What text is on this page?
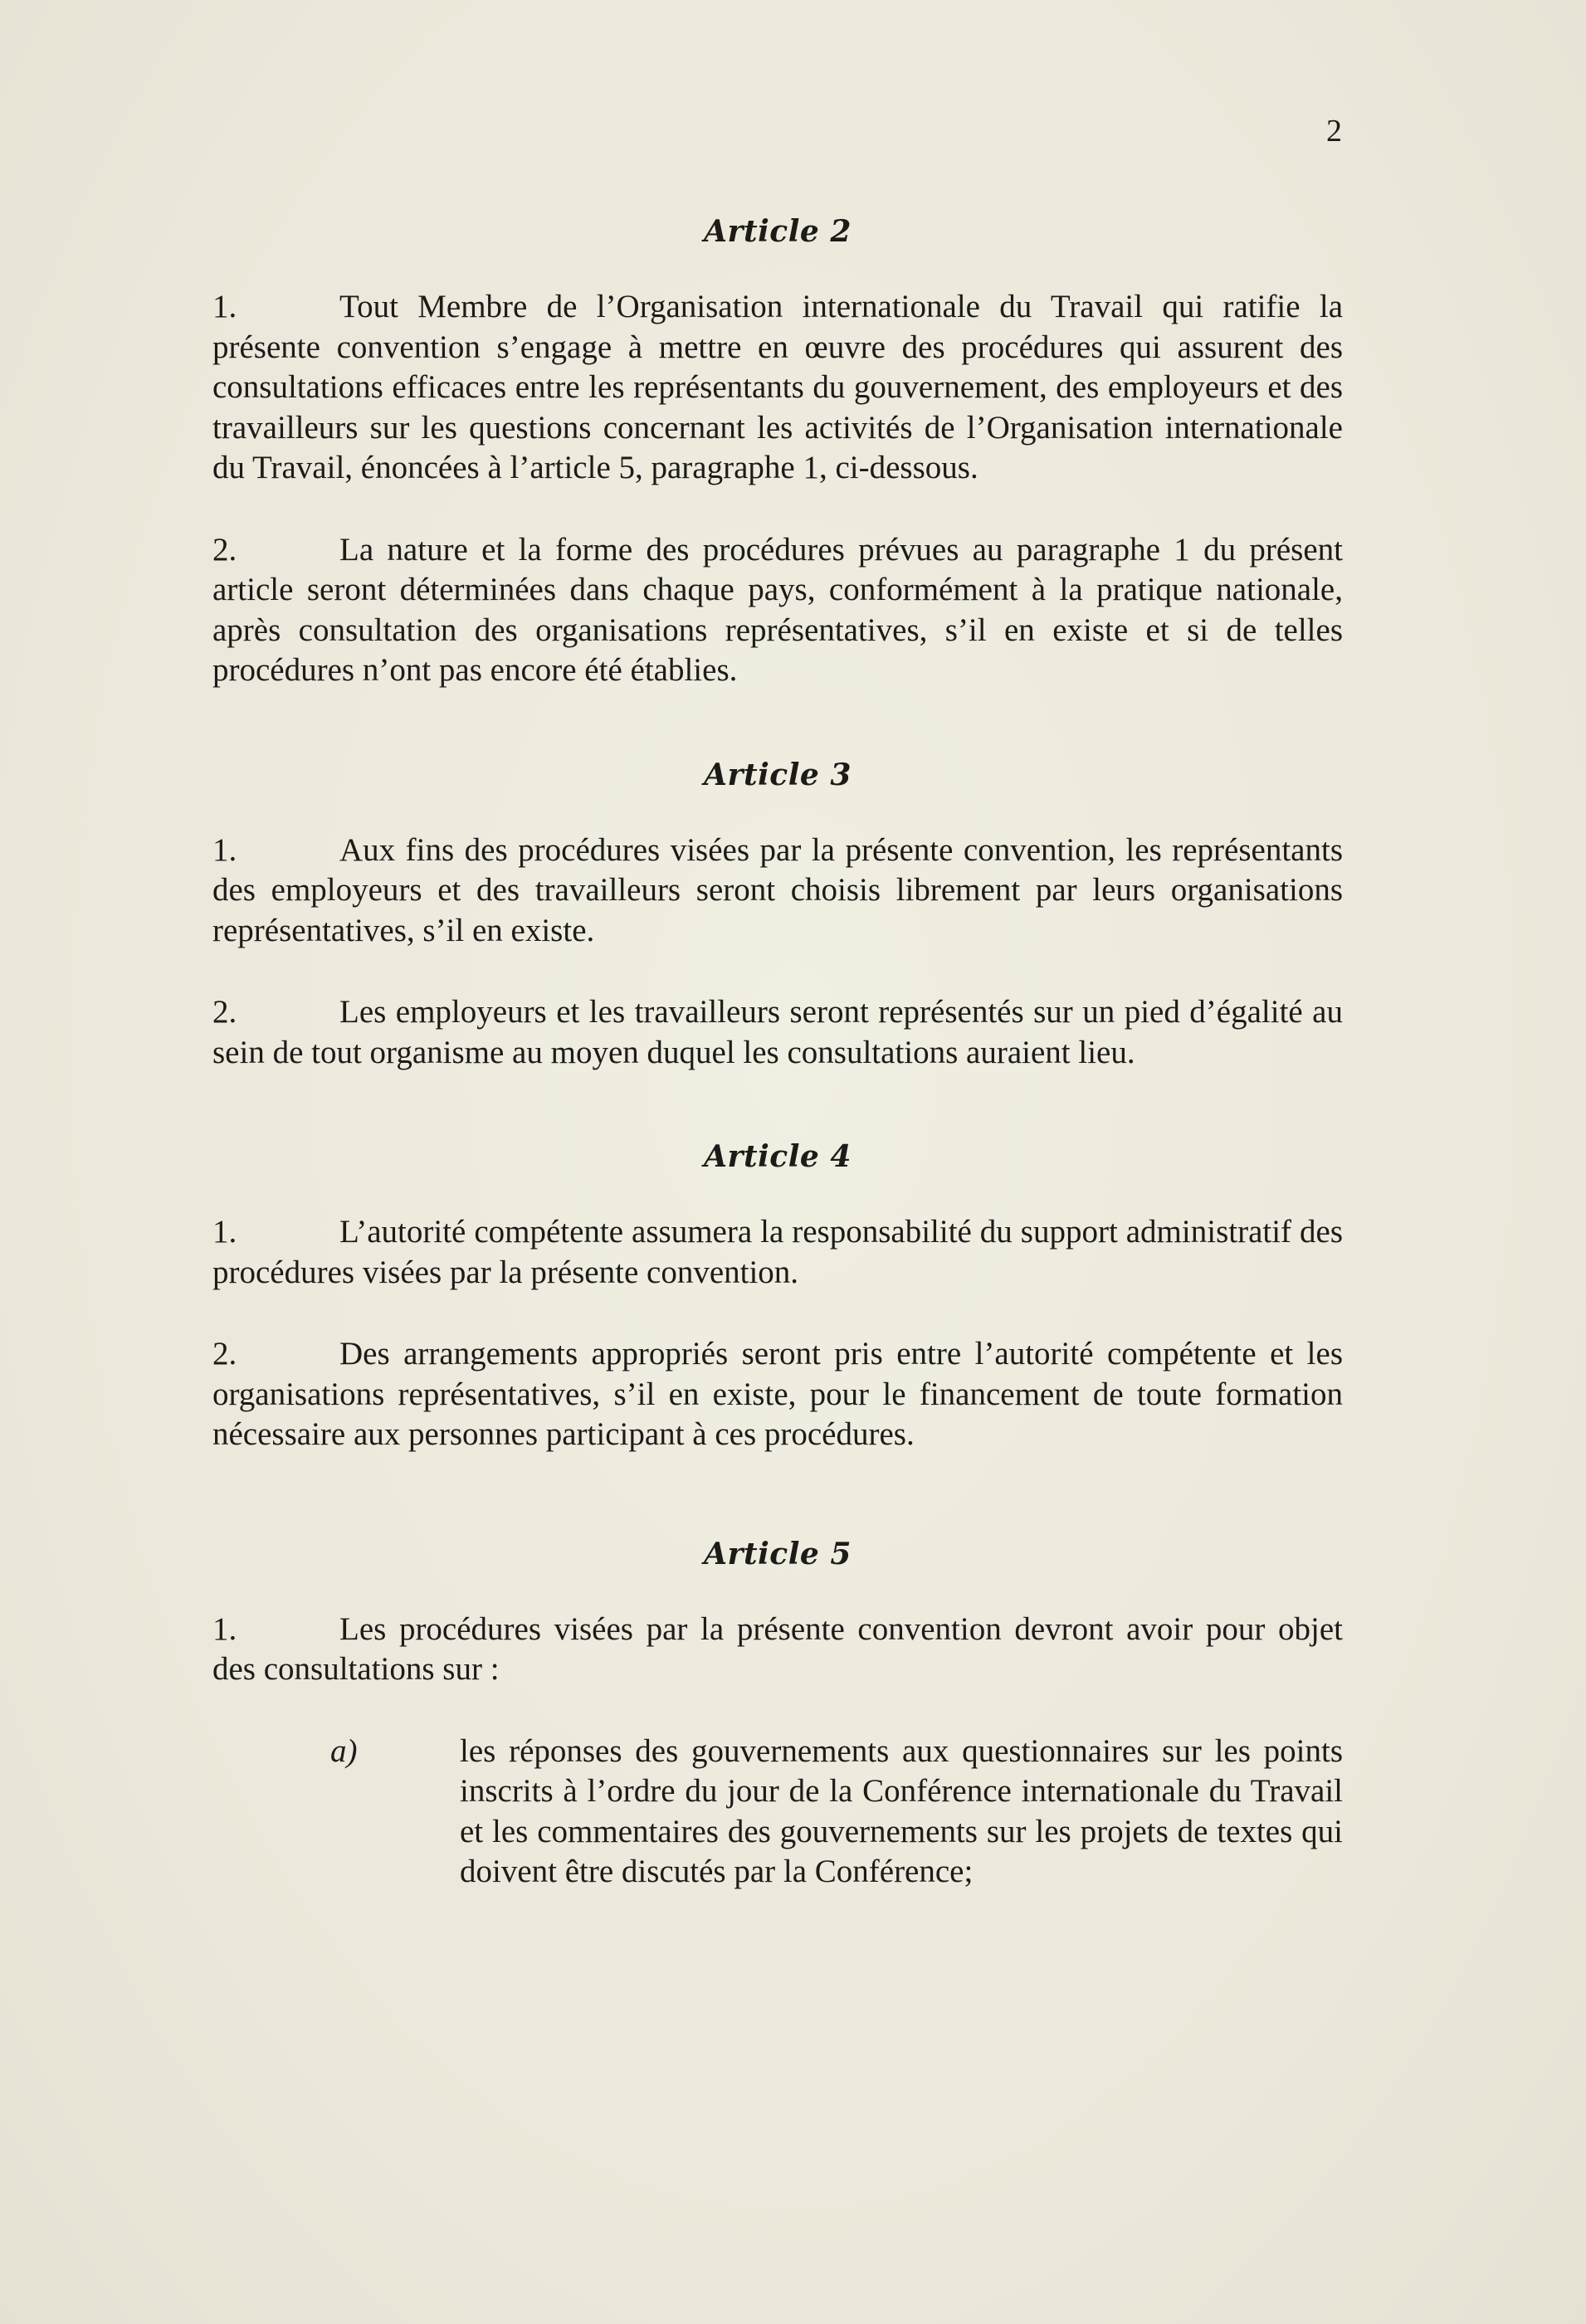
2
Article 2

1.	Tout Membre de l’Organisation internationale du Travail qui ratifie la présente convention s’engage à mettre en œuvre des procédures qui assurent des consultations efficaces entre les représentants du gouvernement, des employeurs et des travailleurs sur les questions concernant les activités de l’Organisation internationale du Travail, énoncées à l’article 5, paragraphe 1, ci-dessous.

2.	La nature et la forme des procédures prévues au paragraphe 1 du présent article seront déterminées dans chaque pays, conformément à la pratique nationale, après consultation des organisations représentatives, s’il en existe et si de telles procédures n’ont pas encore été établies.

Article 3

1.	Aux fins des procédures visées par la présente convention, les représentants des employeurs et des travailleurs seront choisis librement par leurs organisations représentatives, s’il en existe.

2.	Les employeurs et les travailleurs seront représentés sur un pied d’égalité au sein de tout organisme au moyen duquel les consultations auraient lieu.

Article 4

1.	L’autorité compétente assumera la responsabilité du support administratif des procédures visées par la présente convention.

2.	Des arrangements appropriés seront pris entre l’autorité compétente et les organisations représentatives, s’il en existe, pour le financement de toute formation nécessaire aux personnes participant à ces procédures.

Article 5

1.	Les procédures visées par la présente convention devront avoir pour objet des consultations sur :

a)	les réponses des gouvernements aux questionnaires sur les points inscrits à l’ordre du jour de la Conférence internationale du Travail et les commentaires des gouvernements sur les projets de textes qui doivent être discutés par la Conférence;
